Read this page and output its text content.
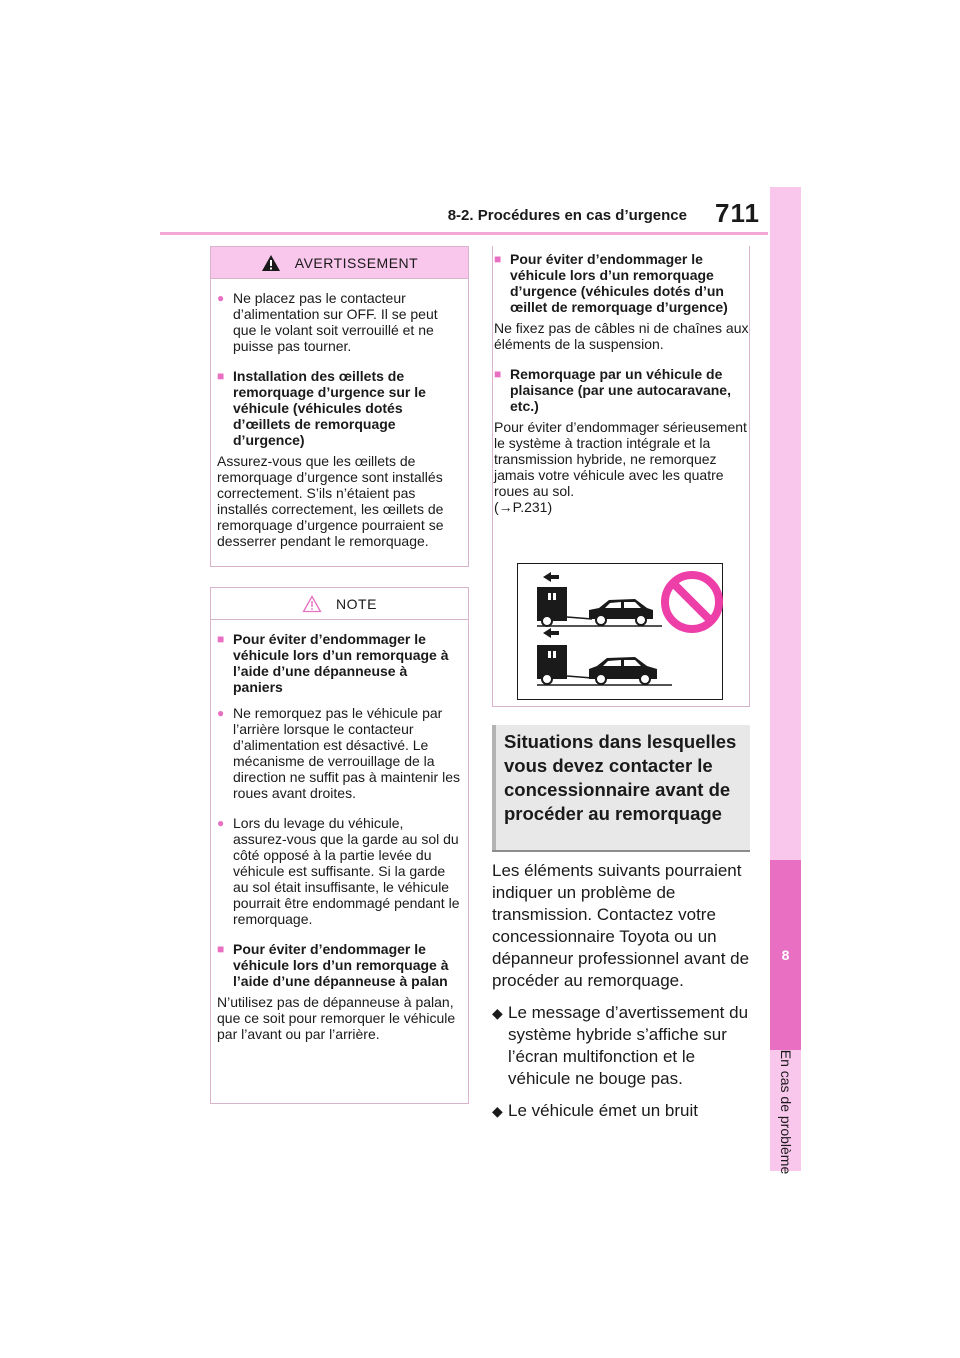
8-2. Procédures en cas d’urgence	711
8
En cas de problème
AVERTISSEMENT
● Ne placez pas le contacteur d’alimentation sur OFF. Il se peut que le volant soit verrouillé et ne puisse pas tourner.
■ Installation des œillets de remorquage d’urgence sur le véhicule (véhicules dotés d’œillets de remorquage d’urgence)
Assurez-vous que les œillets de remorquage d’urgence sont installés correctement. S’ils n’étaient pas installés correctement, les œillets de remorquage d’urgence pourraient se desserrer pendant le remorquage.
NOTE
■ Pour éviter d’endommager le véhicule lors d’un remorquage à l’aide d’une dépanneuse à paniers
● Ne remorquez pas le véhicule par l’arrière lorsque le contacteur d’alimentation est désactivé. Le mécanisme de verrouillage de la direction ne suffit pas à maintenir les roues avant droites.
● Lors du levage du véhicule, assurez-vous que la garde au sol du côté opposé à la partie levée du véhicule est suffisante. Si la garde au sol était insuffisante, le véhicule pourrait être endommagé pendant le remorquage.
■ Pour éviter d’endommager le véhicule lors d’un remorquage à l’aide d’une dépanneuse à palan
N’utilisez pas de dépanneuse à palan, que ce soit pour remorquer le véhicule par l’avant ou par l’arrière.
■ Pour éviter d’endommager le véhicule lors d’un remorquage d’urgence (véhicules dotés d’un œillet de remorquage d’urgence)
Ne fixez pas de câbles ni de chaînes aux éléments de la suspension.
■ Remorquage par un véhicule de plaisance (par une autocaravane, etc.)
Pour éviter d’endommager sérieusement le système à traction intégrale et la transmission hybride, ne remorquez jamais votre véhicule avec les quatre roues au sol.
(→P.231)
Situations dans lesquelles vous devez contacter le concessionnaire avant de procéder au remorquage
Les éléments suivants pourraient indiquer un problème de transmission. Contactez votre concessionnaire Toyota ou un dépanneur professionnel avant de procéder au remorquage.
◆ Le message d’avertissement du système hybride s’affiche sur l’écran multifonction et le véhicule ne bouge pas.
◆ Le véhicule émet un bruit
